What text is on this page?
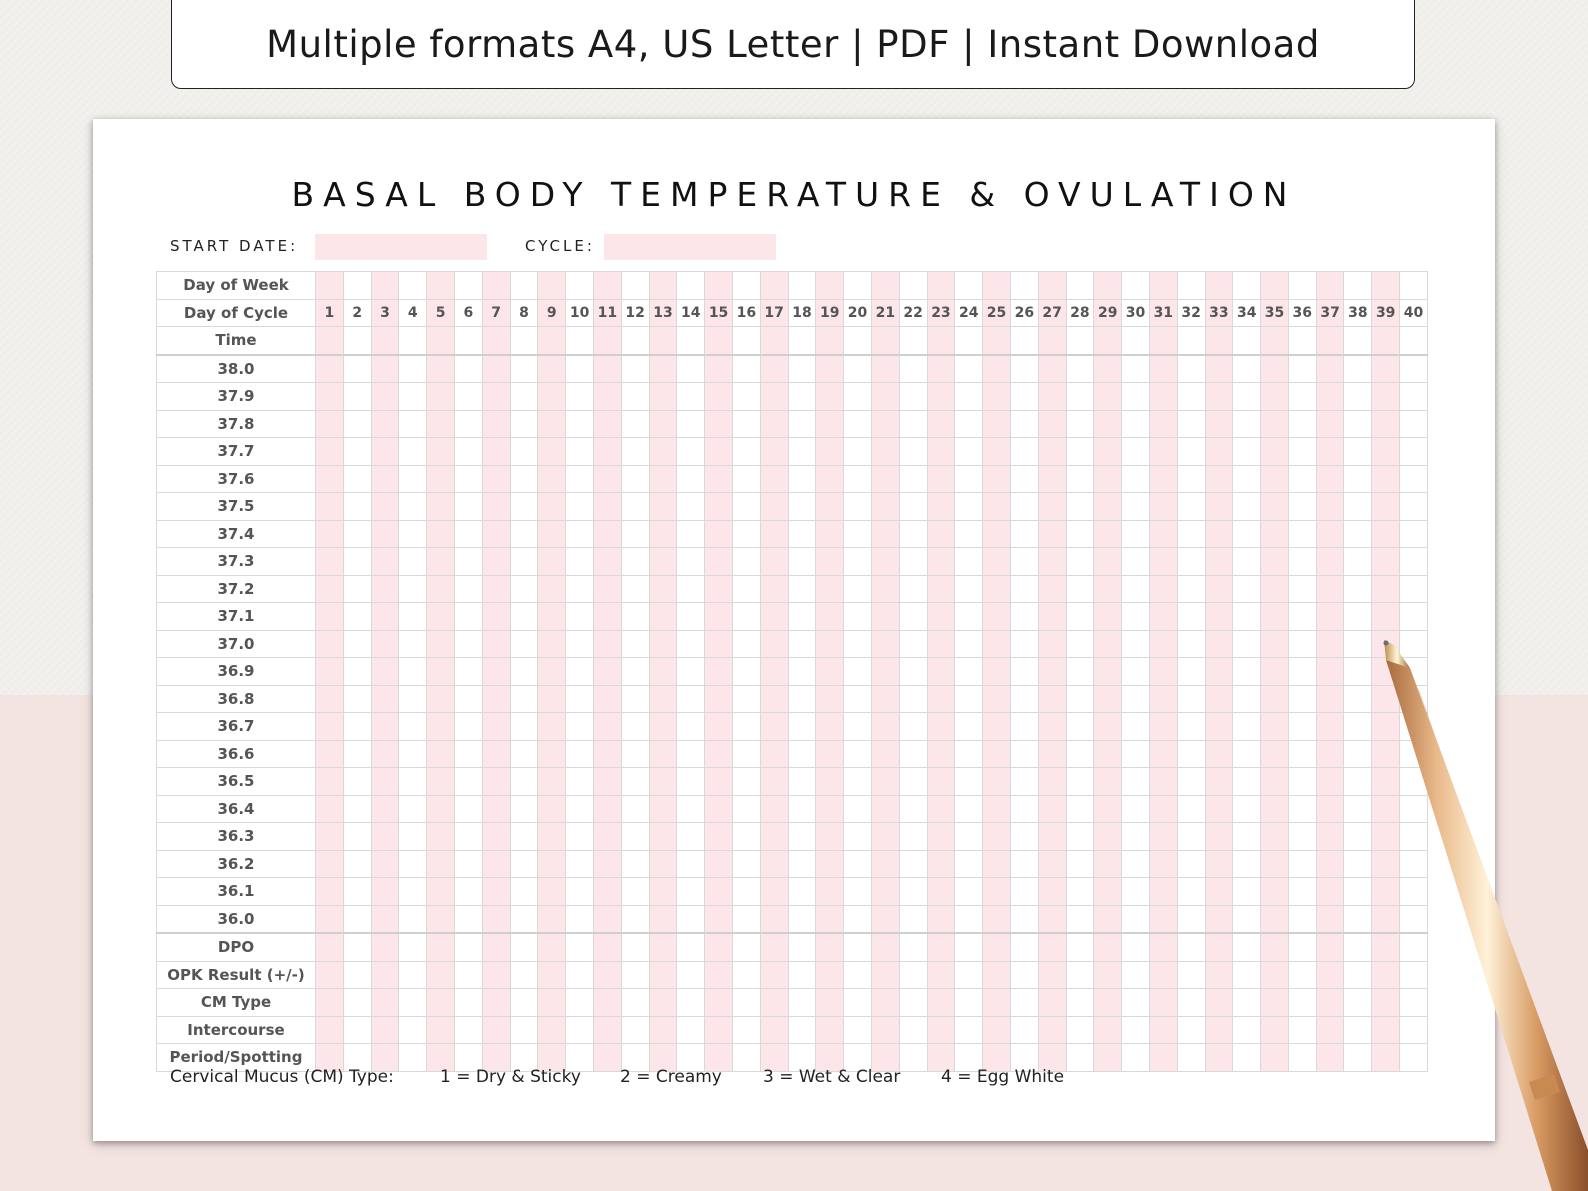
Multiple formats A4, US Letter | PDF | Instant Download
BASAL BODY TEMPERATURE & OVULATION
START DATE:	CYCLE:
Day of Week																																								
Day of Cycle	1	2	3	4	5	6	7	8	9	10	11	12	13	14	15	16	17	18	19	20	21	22	23	24	25	26	27	28	29	30	31	32	33	34	35	36	37	38	39	40
Time																																								
38.0																																								
37.9																																								
37.8																																								
37.7																																								
37.6																																								
37.5																																								
37.4																																								
37.3																																								
37.2																																								
37.1																																								
37.0																																								
36.9																																								
36.8																																								
36.7																																								
36.6																																								
36.5																																								
36.4																																								
36.3																																								
36.2																																								
36.1																																								
36.0																																								
DPO																																								
OPK Result (+/-)																																								
CM Type																																								
Intercourse																																								
Period/Spotting																																								
Cervical Mucus (CM) Type:	1 = Dry & Sticky 2 = Creamy 3 = Wet & Clear 4 = Egg White
